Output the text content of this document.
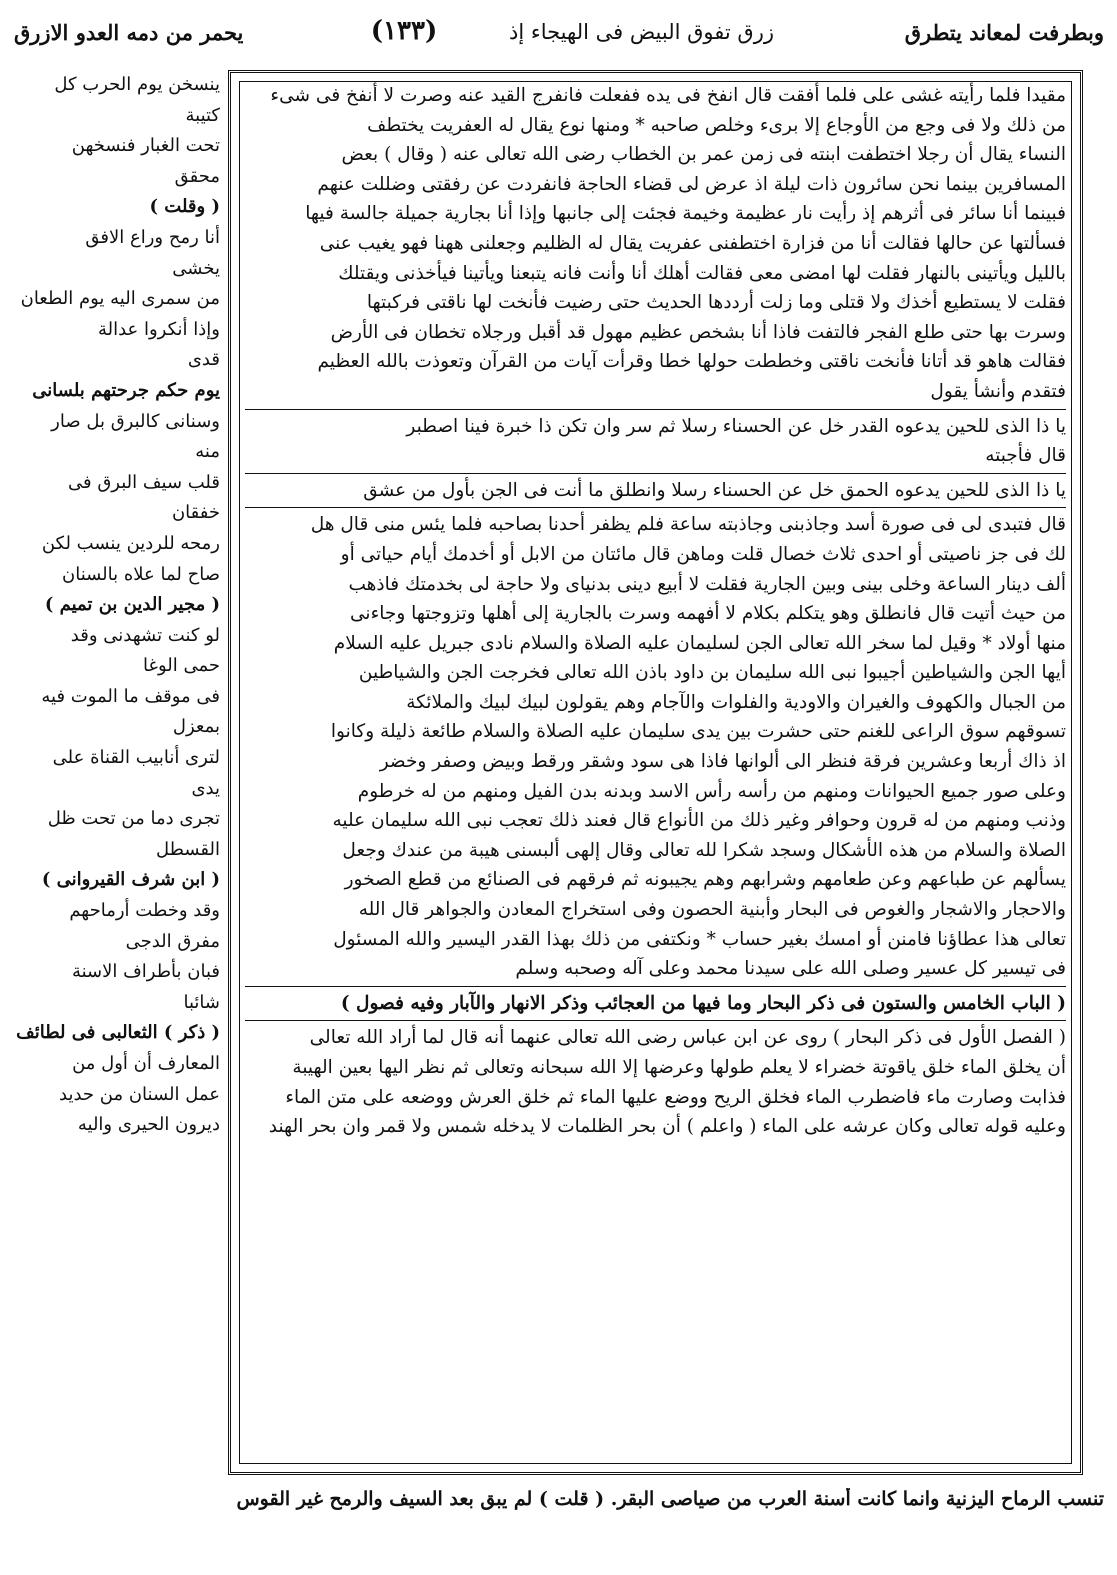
وبطرفت لمعاند يتطرق
زرق تفوق البيض فى الهيجاء إذ
(١٣٣)
يحمر من دمه العدو الازرق
ينسخن يوم الحرب كل
كتيبة
تحت الغبار فنسخهن
محقق
( وقلت )
أنا رمح وراع الافق
يخشى
من سمرى اليه يوم الطعان
وإذا أنكروا عدالة
قدى
يوم حكم جرحتهم بلسانى
وسنانى كالبرق بل صار
منه
قلب سيف البرق فى
خفقان
رمحه للردين ينسب لكن
صاح لما علاه بالسنان
( مجير الدين بن تميم )
لو كنت تشهدنى وقد
حمى الوغا
فى موقف ما الموت فيه
بمعزل
لترى أنابيب القناة على
يدى
تجرى دما من تحت ظل
القسطل
( ابن شرف القيروانى )
وقد وخطت أرماحهم
مفرق الدجى
فبان بأطراف الاسنة
شائبا
( ذكر ) الثعالبى فى لطائف
المعارف أن أول من
عمل السنان من حديد
ديرون الحيرى واليه
مقيدا فلما رأيته غشى على فلما أفقت قال انفخ فى يده ففعلت فانفرج القيد عنه وصرت لا أنفخ فى شىء
من ذلك ولا فى وجع من الأوجاع إلا برىء وخلص صاحبه * ومنها نوع يقال له العفريت يختطف
النساء يقال أن رجلا اختطفت ابنته فى زمن عمر بن الخطاب رضى الله تعالى عنه ( وقال ) بعض
المسافرين بينما نحن سائرون ذات ليلة اذ عرض لى قضاء الحاجة فانفردت عن رفقتى وضللت عنهم
فبينما أنا سائر فى أثرهم إذ رأيت نار عظيمة وخيمة فجئت إلى جانبها وإذا أنا بجارية جميلة جالسة فيها
فسألتها عن حالها فقالت أنا من فزارة اختطفنى عفريت يقال له الظليم وجعلنى ههنا فهو يغيب عنى
بالليل ويأتينى بالنهار فقلت لها امضى معى فقالت أهلك أنا وأنت فانه يتبعنا ويأتينا فيأخذنى ويقتلك
فقلت لا يستطيع أخذك ولا قتلى وما زلت أرددها الحديث حتى رضيت فأنخت لها ناقتى فركبتها
وسرت بها حتى طلع الفجر فالتفت فاذا أنا بشخص عظيم مهول قد أقبل ورجلاه تخطان فى الأرض
فقالت هاهو قد أتانا فأنخت ناقتى وخططت حولها خطا وقرأت آيات من القرآن وتعوذت بالله العظيم
فتقدم وأنشأ يقول
يا ذا الذى للحين يدعوه القدر خل عن الحسناء رسلا ثم سر وان تكن ذا خبرة فينا اصطبر
قال فأجبته
يا ذا الذى للحين يدعوه الحمق خل عن الحسناء رسلا وانطلق ما أنت فى الجن بأول من عشق
قال فتبدى لى فى صورة أسد وجاذبنى وجاذبته ساعة فلم يظفر أحدنا بصاحبه فلما يئس منى قال هل
لك فى جز ناصيتى أو احدى ثلاث خصال قلت وماهن قال مائتان من الابل أو أخدمك أيام حياتى أو
ألف دينار الساعة وخلى بينى وبين الجارية فقلت لا أبيع دينى بدنياى ولا حاجة لى بخدمتك فاذهب
من حيث أتيت قال فانطلق وهو يتكلم بكلام لا أفهمه وسرت بالجارية إلى أهلها وتزوجتها وجاءنى
منها أولاد * وقيل لما سخر الله تعالى الجن لسليمان عليه الصلاة والسلام نادى جبريل عليه السلام
أيها الجن والشياطين أجيبوا نبى الله سليمان بن داود باذن الله تعالى فخرجت الجن والشياطين
من الجبال والكهوف والغيران والاودية والفلوات والآجام وهم يقولون لبيك لبيك والملائكة
تسوقهم سوق الراعى للغنم حتى حشرت بين يدى سليمان عليه الصلاة والسلام طائعة ذليلة وكانوا
اذ ذاك أربعا وعشرين فرقة فنظر الى ألوانها فاذا هى سود وشقر ورقط وبيض وصفر وخضر
وعلى صور جميع الحيوانات ومنهم من رأسه رأس الاسد وبدنه بدن الفيل ومنهم من له خرطوم
وذنب ومنهم من له قرون وحوافر وغير ذلك من الأنواع قال فعند ذلك تعجب نبى الله سليمان عليه
الصلاة والسلام من هذه الأشكال وسجد شكرا لله تعالى وقال إلهى ألبسنى هيبة من عندك وجعل
يسألهم عن طباعهم وعن طعامهم وشرابهم وهم يجيبونه ثم فرقهم فى الصنائع من قطع الصخور
والاحجار والاشجار والغوص فى البحار وأبنية الحصون وفى استخراج المعادن والجواهر قال الله
تعالى هذا عطاؤنا فامنن أو امسك بغير حساب * ونكتفى من ذلك بهذا القدر اليسير والله المسئول
فى تيسير كل عسير وصلى الله على سيدنا محمد وعلى آله وصحبه وسلم
( الباب الخامس والستون فى ذكر البحار وما فيها من العجائب وذكر الانهار والآبار وفيه فصول )
( الفصل الأول فى ذكر البحار ) روى عن ابن عباس رضى الله تعالى عنهما أنه قال لما أراد الله تعالى
أن يخلق الماء خلق ياقوتة خضراء لا يعلم طولها وعرضها إلا الله سبحانه وتعالى ثم نظر اليها بعين الهيبة
فذابت وصارت ماء فاضطرب الماء فخلق الريح ووضع عليها الماء ثم خلق العرش ووضعه على متن الماء
وعليه قوله تعالى وكان عرشه على الماء ( واعلم ) أن بحر الظلمات لا يدخله شمس ولا قمر وان بحر الهند
تنسب الرماح اليزنية وانما كانت أسنة العرب من صياصى البقر. ( قلت ) لم يبق بعد السيف والرمح غير القوس
